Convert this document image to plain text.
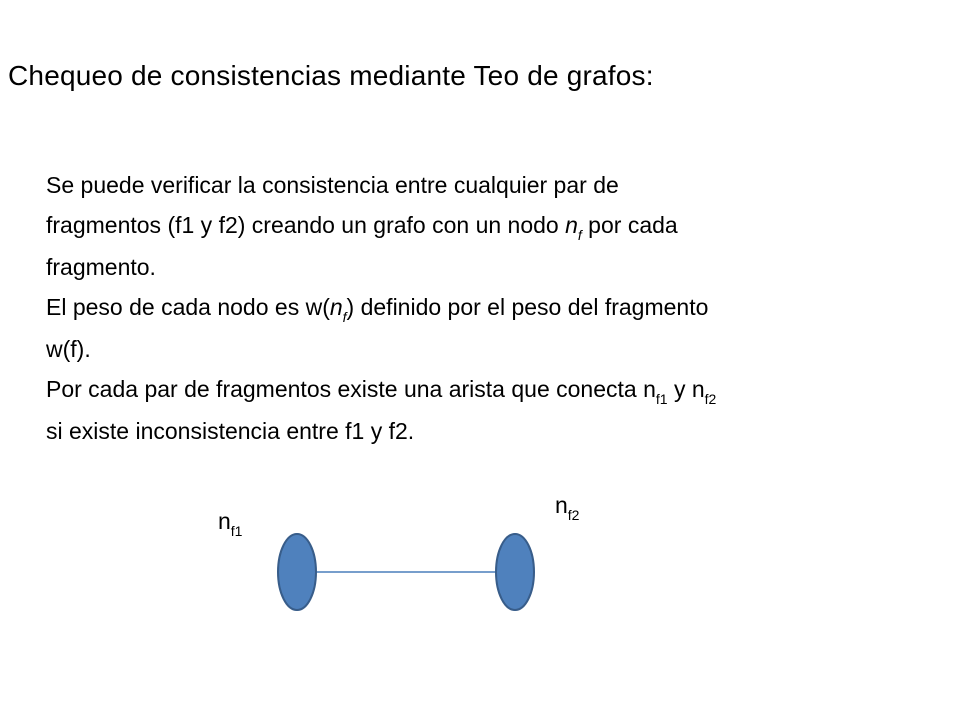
Chequeo de consistencias mediante Teo de grafos:
Se puede verificar la consistencia entre cualquier par de
fragmentos (f1 y f2) creando un grafo con un nodo $n_f$ por cada
fragmento.
El peso de cada nodo es $w(n_f)$ definido por el peso del fragmento
w(f).
Por cada par de fragmentos existe una arista que conecta $n_{f1}$ y $n_{f2}$
si existe inconsistencia entre f1 y f2.
$n_{f1}$
$n_{f2}$
